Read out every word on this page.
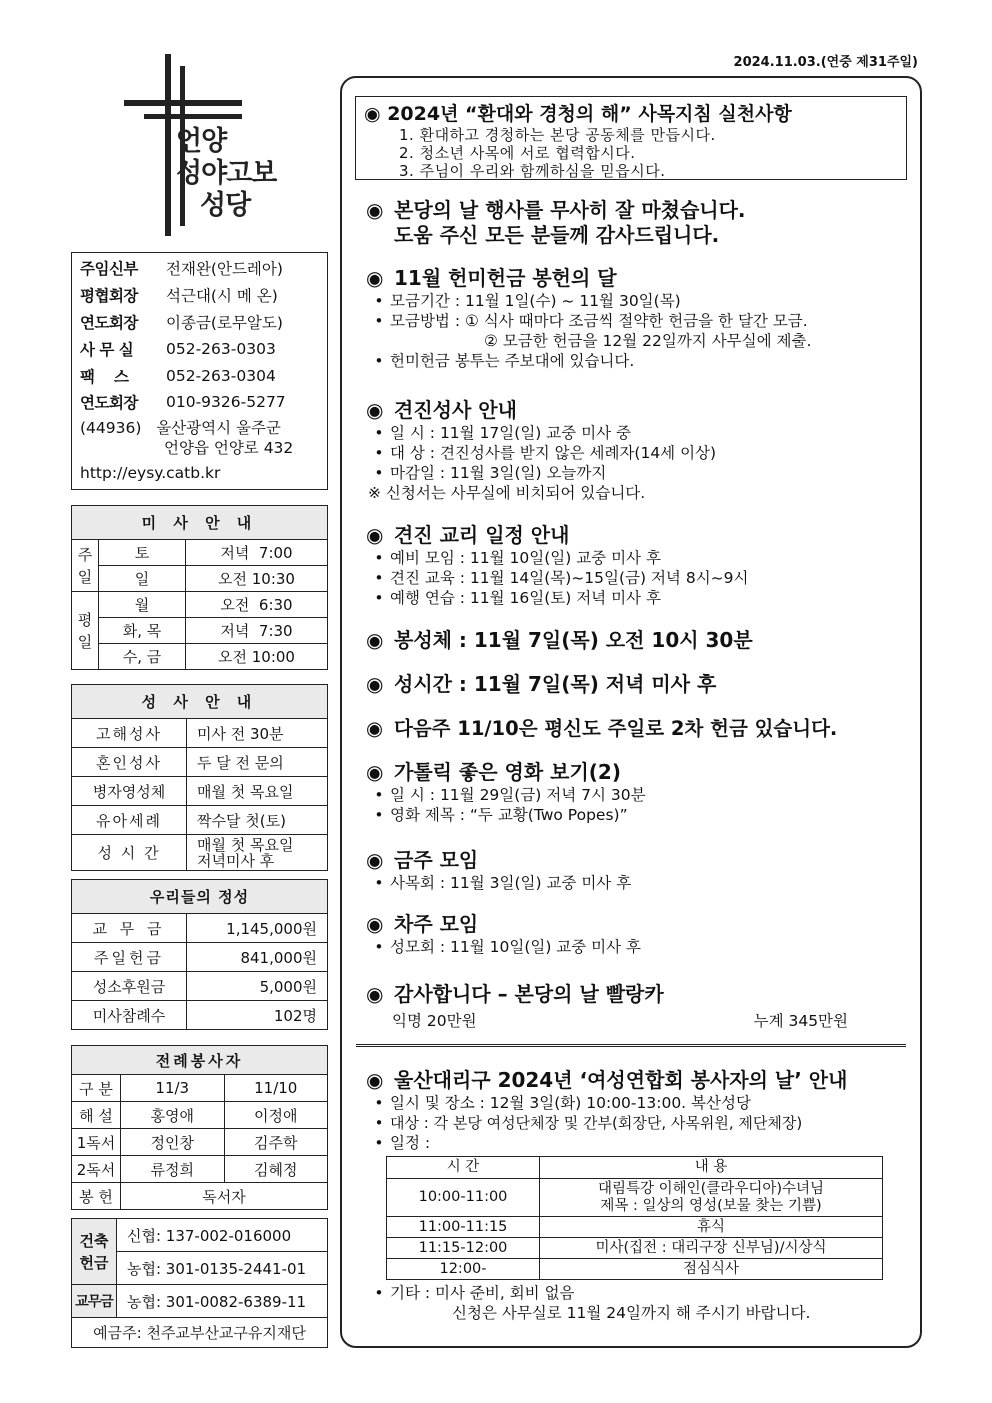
2024.11.03.(연중 제31주일)
언양
성야고보
성당
주임신부	전재완(안드레아)
평협회장	석근대(시 메 온)
연도회장	이종금(로무알도)
사 무 실	052-263-0303
팩    스	052-263-0304
연도회장	010-9326-5277
(44936) 울산광역시 울주군
언양읍 언양로 432
http://eysy.catb.kr
미 사 안 내		
주
일	토	저녁  7:00
	일	오전 10:30
평
일	월	오전  6:30
	화, 목	저녁  7:30
	수, 금	오전 10:00
성 사 안 내	
고해성사	미사 전 30분
혼인성사	두 달 전 문의
병자영성체	매월 첫 목요일
유아세례	짝수달 첫(토)
성 시 간	매월 첫 목요일
저녁미사 후
우리들의 정성	
교 무 금	1,145,000원
주일헌금	841,000원
성소후원금	5,000원
미사참례수	102명
전례봉사자		
구 분	11/3	11/10
해 설	홍영애	이정애
1독서	정인창	김주학
2독서	류정희	김혜정
봉 헌	독서자	
건축
헌금	신협: 137-002-016000
	농협: 301-0135-2441-01
교무금	농협: 301-0082-6389-11
예금주: 천주교부산교구유지재단	
◉ 2024년 “환대와 경청의 해” 사목지침 실천사항
1. 환대하고 경청하는 본당 공동체를 만듭시다.
2. 청소년 사목에 서로 협력합시다.
3. 주님이 우리와 함께하심을 믿읍시다.
◉ 본당의 날 행사를 무사히 잘 마쳤습니다.
도움 주신 모든 분들께 감사드립니다.
◉ 11월 헌미헌금 봉헌의 달
• 모금기간 : 11월 1일(수) ~ 11월 30일(목)
• 모금방법 : ① 식사 때마다 조금씩 절약한 헌금을 한 달간 모금.
② 모금한 헌금을 12월 22일까지 사무실에 제출.
• 헌미헌금 봉투는 주보대에 있습니다.
◉ 견진성사 안내
• 일 시 : 11월 17일(일) 교중 미사 중
• 대 상 : 견진성사를 받지 않은 세례자(14세 이상)
• 마감일 : 11월 3일(일) 오늘까지
※ 신청서는 사무실에 비치되어 있습니다.
◉ 견진 교리 일정 안내
• 예비 모임 : 11월 10일(일) 교중 미사 후
• 견진 교육 : 11월 14일(목)~15일(금) 저녁 8시~9시
• 예행 연습 : 11월 16일(토) 저녁 미사 후
◉ 봉성체 : 11월 7일(목) 오전 10시 30분
◉ 성시간 : 11월 7일(목) 저녁 미사 후
◉ 다음주 11/10은 평신도 주일로 2차 헌금 있습니다.
◉ 가톨릭 좋은 영화 보기(2)
• 일 시 : 11월 29일(금) 저녁 7시 30분
• 영화 제목 : “두 교황(Two Popes)”
◉ 금주 모임
• 사목회 : 11월 3일(일) 교중 미사 후
◉ 차주 모임
• 성모회 : 11월 10일(일) 교중 미사 후
◉ 감사합니다 – 본당의 날 빨랑카
익명 20만원	누계 345만원
◉ 울산대리구 2024년 ‘여성연합회 봉사자의 날’ 안내
• 일시 및 장소 : 12월 3일(화) 10:00-13:00. 복산성당
• 대상 : 각 본당 여성단체장 및 간부(회장단, 사목위원, 제단체장)
• 일정 :
시 간	내 용
10:00-11:00	대림특강 이해인(클라우디아)수녀님
제목 : 일상의 영성(보물 찾는 기쁨)
11:00-11:15	휴식
11:15-12:00	미사(집전 : 대리구장 신부님)/시상식
12:00-	점심식사
• 기타 : 미사 준비, 회비 없음
신청은 사무실로 11월 24일까지 해 주시기 바랍니다.
